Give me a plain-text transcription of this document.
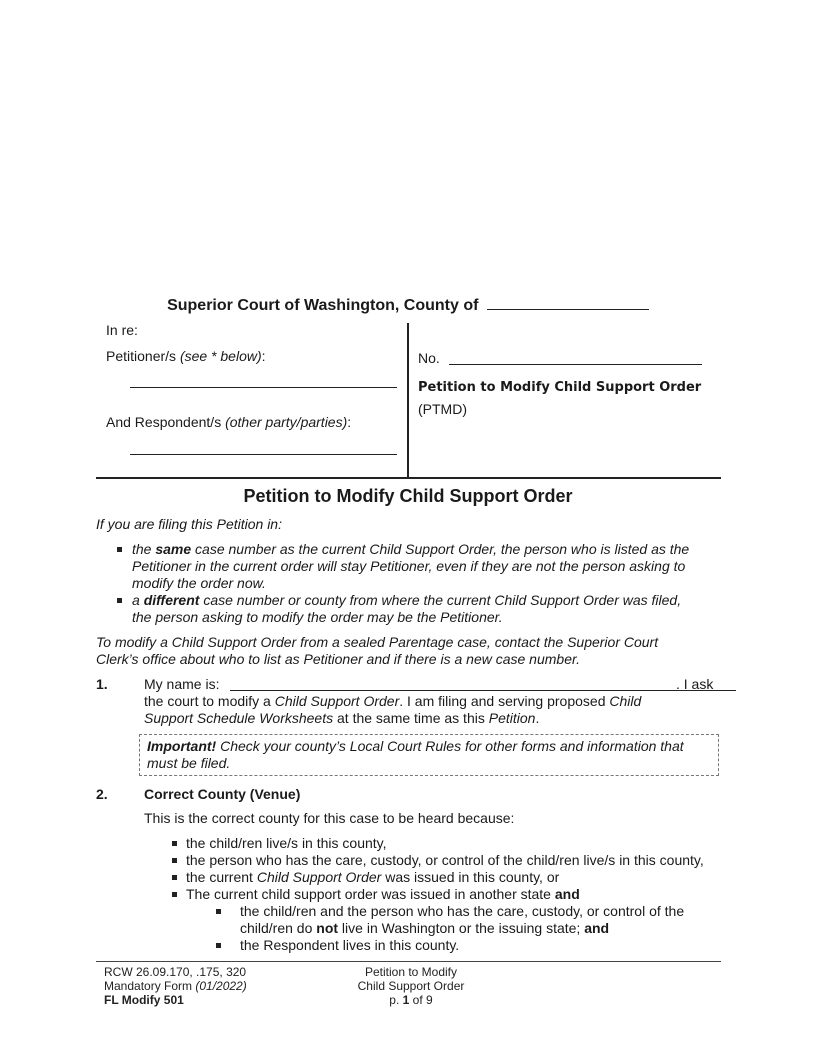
Superior Court of Washington, County of
In re:
Petitioner/s (see * below):
And Respondent/s (other party/parties):
No.
Petition to Modify Child Support Order
(PTMD)
Petition to Modify Child Support Order
If you are filing this Petition in:
the same case number as the current Child Support Order, the person who is listed as the
Petitioner in the current order will stay Petitioner, even if they are not the person asking to
modify the order now.
a different case number or county from where the current Child Support Order was filed,
the person asking to modify the order may be the Petitioner.
To modify a Child Support Order from a sealed Parentage case, contact the Superior Court
Clerk’s office about who to list as Petitioner and if there is a new case number.
1.	My name is:	. I ask
the court to modify a Child Support Order. I am filing and serving proposed Child
Support Schedule Worksheets at the same time as this Petition.
Important! Check your county’s Local Court Rules for other forms and information that
must be filed.
2.	Correct County (Venue)
This is the correct county for this case to be heard because:
the child/ren live/s in this county,
the person who has the care, custody, or control of the child/ren live/s in this county,
the current Child Support Order was issued in this county, or
The current child support order was issued in another state and
the child/ren and the person who has the care, custody, or control of the
child/ren do not live in Washington or the issuing state; and
the Respondent lives in this county.
RCW 26.09.170, .175, 320
Mandatory Form (01/2022)
FL Modify 501
Petition to Modify
Child Support Order
p. 1 of 9
